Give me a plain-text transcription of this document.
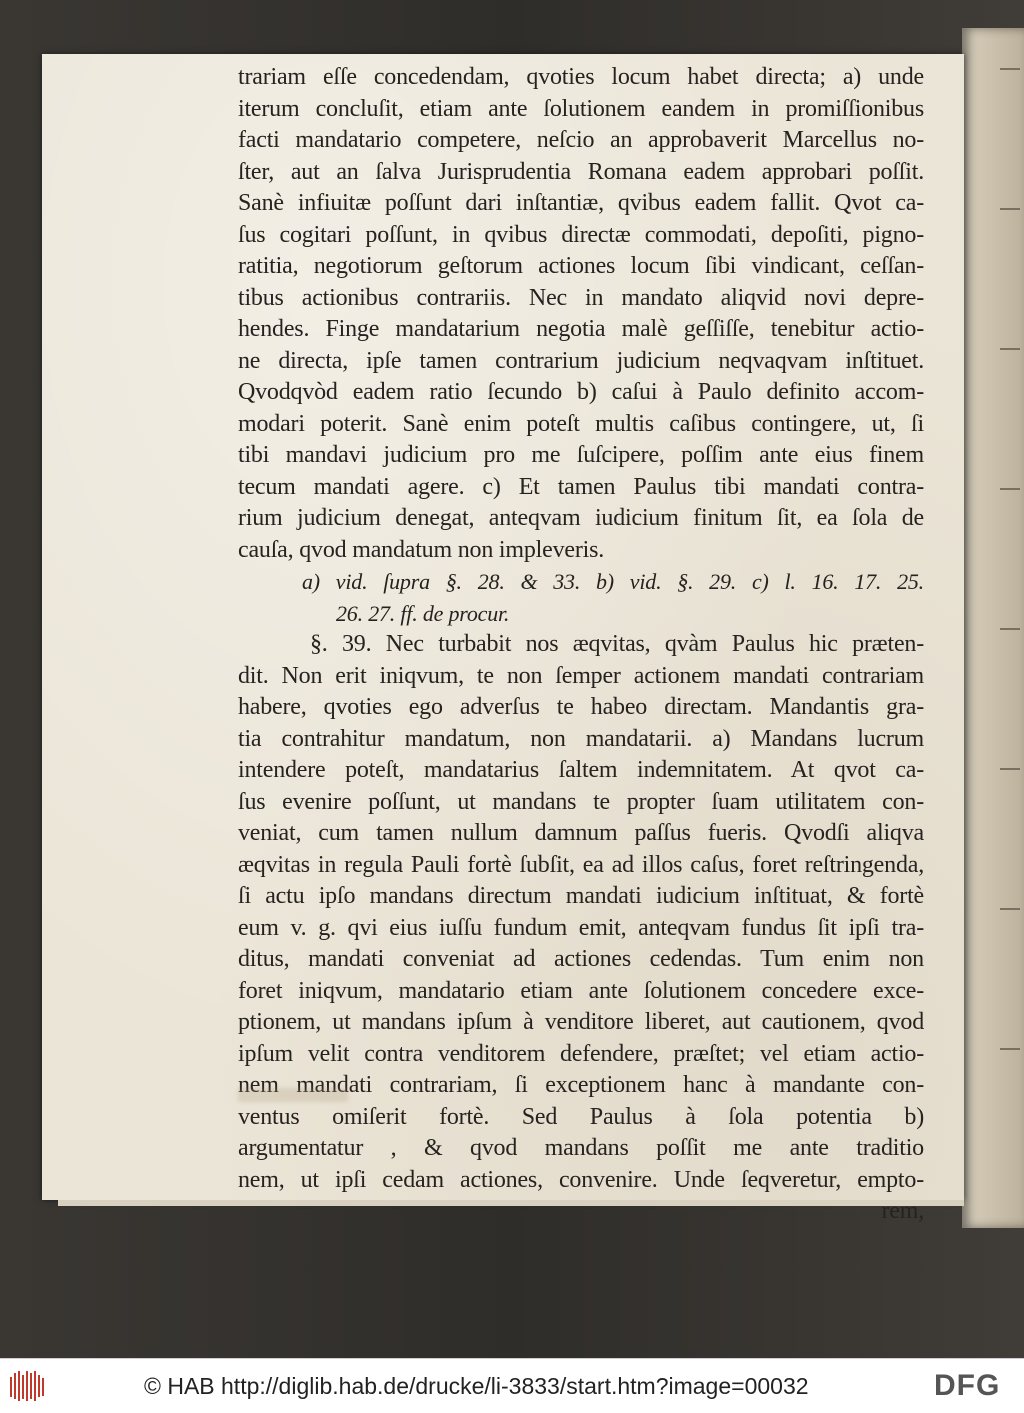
trariam eſſe concedendam, qvoties locum habet directa; a) unde
iterum concluſit, etiam ante ſolutionem eandem in promiſſionibus
facti mandatario competere, neſcio an approbaverit Marcellus no-
ſter, aut an ſalva Jurisprudentia Romana eadem approbari poſſit.
Sanè infiuitæ poſſunt dari inſtantiæ, qvibus eadem fallit. Qvot ca-
ſus cogitari poſſunt, in qvibus directæ commodati, depoſiti, pigno-
ratitia, negotiorum geſtorum actiones locum ſibi vindicant, ceſſan-
tibus actionibus contrariis. Nec in mandato aliqvid novi depre-
hendes. Finge mandatarium negotia malè geſſiſſe, tenebitur actio-
ne directa, ipſe tamen contrarium judicium neqvaqvam inſtituet.
Qvodqvòd eadem ratio ſecundo b) caſui à Paulo definito accom-
modari poterit. Sanè enim poteſt multis caſibus contingere, ut, ſi
tibi mandavi judicium pro me ſuſcipere, poſſim ante eius finem
tecum mandati agere. c) Et tamen Paulus tibi mandati contra-
rium judicium denegat, anteqvam iudicium finitum ſit, ea ſola de
cauſa, qvod mandatum non impleveris.
a) vid. ſupra §. 28. & 33. b) vid. §. 29. c) l. 16. 17. 25.
26. 27. ff. de procur.
§. 39. Nec turbabit nos æqvitas, qvàm Paulus hic præten-
dit. Non erit iniqvum, te non ſemper actionem mandati contrariam
habere, qvoties ego adverſus te habeo directam. Mandantis gra-
tia contrahitur mandatum, non mandatarii. a) Mandans lucrum
intendere poteſt, mandatarius ſaltem indemnitatem. At qvot ca-
ſus evenire poſſunt, ut mandans te propter ſuam utilitatem con-
veniat, cum tamen nullum damnum paſſus fueris. Qvodſi aliqva
æqvitas in regula Pauli fortè ſubſit, ea ad illos caſus, foret reſtringenda,
ſi actu ipſo mandans directum mandati iudicium inſtituat, & fortè
eum v. g. qvi eius iuſſu fundum emit, anteqvam fundus ſit ipſi tra-
ditus, mandati conveniat ad actiones cedendas. Tum enim non
foret iniqvum, mandatario etiam ante ſolutionem concedere exce-
ptionem, ut mandans ipſum à venditore liberet, aut cautionem, qvod
ipſum velit contra venditorem defendere, præſtet; vel etiam actio-
nem mandati contrariam, ſi exceptionem hanc à mandante con-
ventus omiſerit fortè. Sed Paulus à ſola potentia b)
argumentatur , & qvod mandans poſſit me ante traditio
nem, ut ipſi cedam actiones, convenire. Unde ſeqveretur, empto-
rem,
© HAB http://diglib.hab.de/drucke/li-3833/start.htm?image=00032	DFG
